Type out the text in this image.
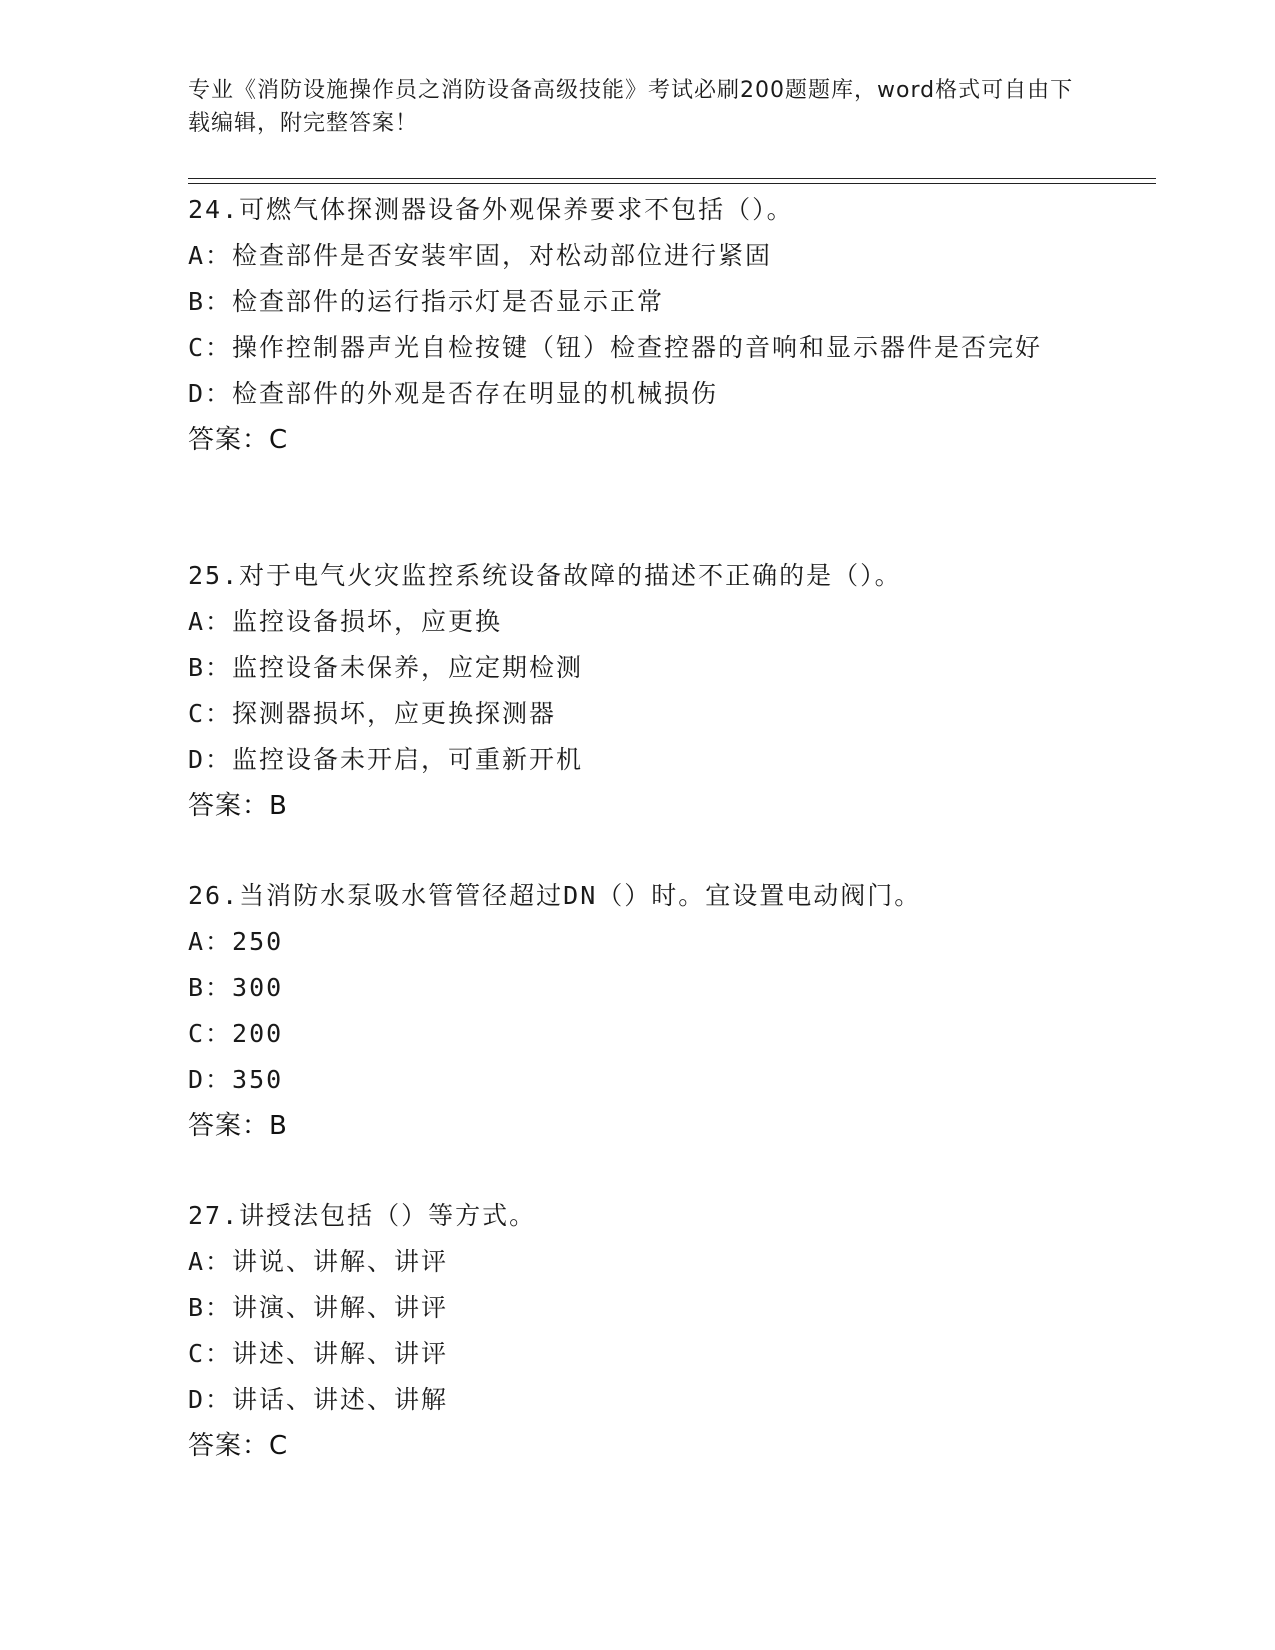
专业《消防设施操作员之消防设备高级技能》考试必刷200题题库，word格式可自由下载编辑，附完整答案！
24.可燃气体探测器设备外观保养要求不包括（）。
A：检查部件是否安装牢固，对松动部位进行紧固
B：检查部件的运行指示灯是否显示正常
C：操作控制器声光自检按键（钮）检查控器的音响和显示器件是否完好
D：检查部件的外观是否存在明显的机械损伤
答案：C
25.对于电气火灾监控系统设备故障的描述不正确的是（）。
A：监控设备损坏，应更换
B：监控设备未保养，应定期检测
C：探测器损坏，应更换探测器
D：监控设备未开启，可重新开机
答案：B
26.当消防水泵吸水管管径超过DN（）时。宜设置电动阀门。
A：250
B：300
C：200
D：350
答案：B
27.讲授法包括（）等方式。
A：讲说、讲解、讲评
B：讲演、讲解、讲评
C：讲述、讲解、讲评
D：讲话、讲述、讲解
答案：C
